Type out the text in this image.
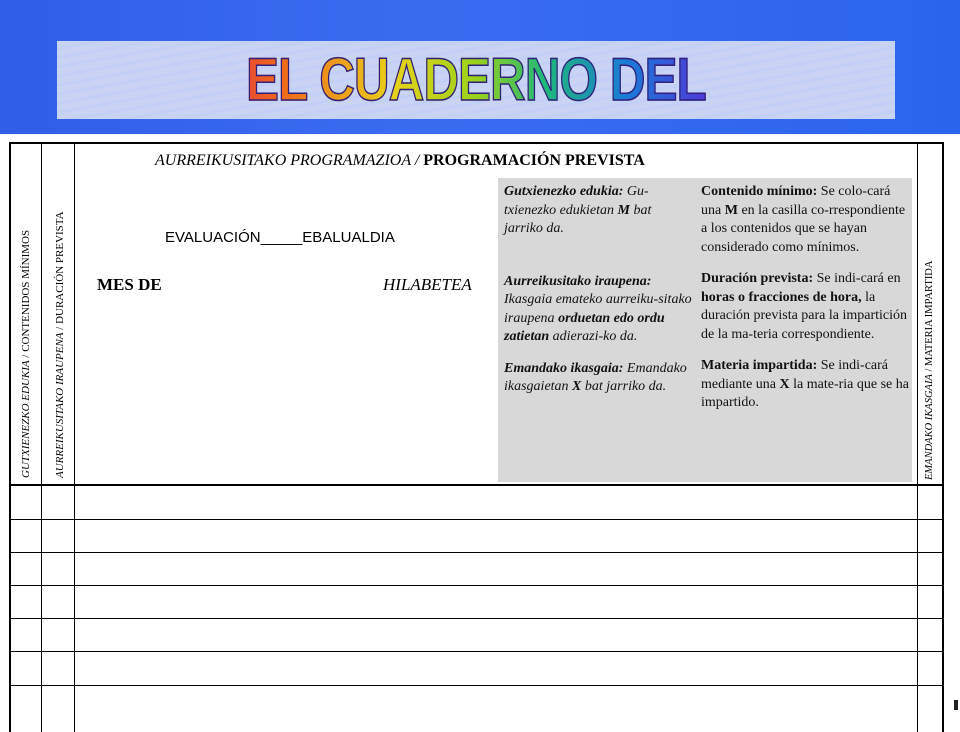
EL CUADERNO DEL
GUTXIENEZKO EDUKIA / CONTENIDOS MÍNIMOS
AURREIKUSITAKO IRAUPENA / DURACIÓN PREVISTA
EMANDAKO IKASGAIA / MATERIA IMPARTIDA
AURREIKUSITAKO PROGRAMAZIOA / PROGRAMACIÓN PREVISTA
EVALUACIÓN_____EBALUALDIA
MES DE	HILABETEA

Gutxienezko edukia: Gu-txienezko edukietan M bat jarriko da.

Aurreikusitako iraupena: Ikasgaia emateko aurreiku-sitako iraupena orduetan edo ordu zatietan adierazi-ko da.

Emandako ikasgaia: Emandako ikasgaietan X bat jarriko da.

Contenido mínimo: Se colo-cará una M en la casilla co-rrespondiente a los contenidos que se hayan considerado como mínimos.

Duración prevista: Se indi-cará en horas o fracciones de hora, la duración prevista para la impartición de la ma-teria correspondiente.

Materia impartida: Se indi-cará mediante una X la mate-ria que se ha impartido.
